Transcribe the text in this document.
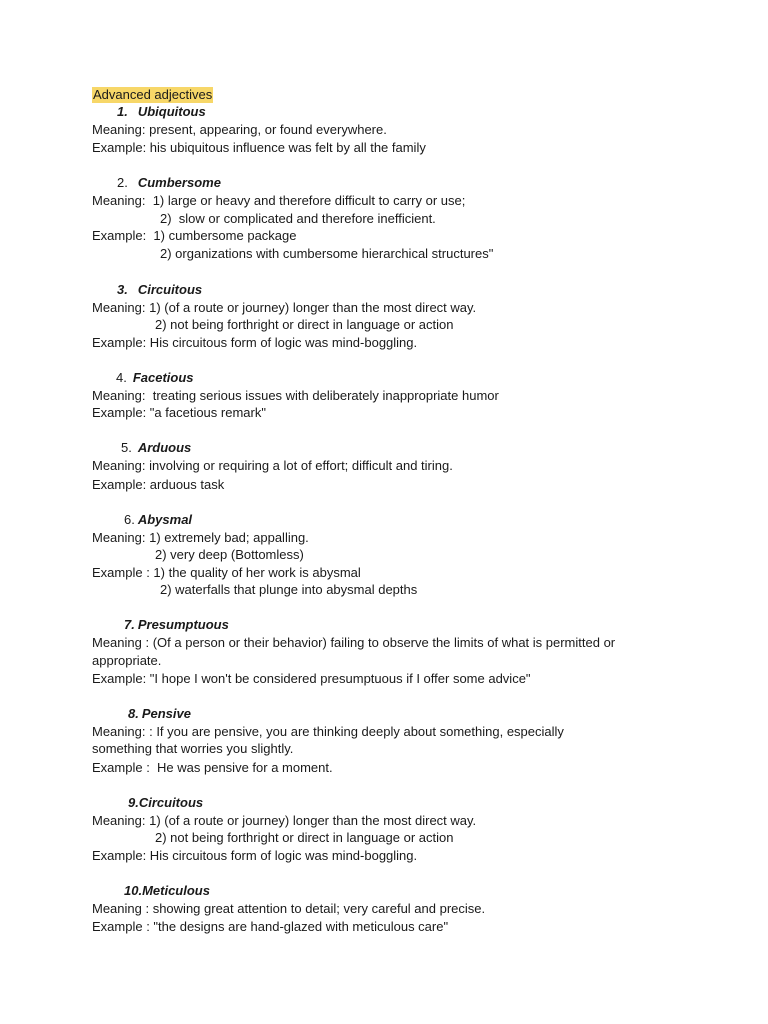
Advanced adjectives
1. Ubiquitous
Meaning: present, appearing, or found everywhere.
Example: his ubiquitous influence was felt by all the family
2. Cumbersome
Meaning:  1) large or heavy and therefore difficult to carry or use;
2)  slow or complicated and therefore inefficient.
Example:  1) cumbersome package
2) organizations with cumbersome hierarchical structures"
3. Circuitous
Meaning: 1) (of a route or journey) longer than the most direct way.
2) not being forthright or direct in language or action
Example: His circuitous form of logic was mind-boggling.
4. Facetious
Meaning:  treating serious issues with deliberately inappropriate humor
Example: "a facetious remark"
5. Arduous
Meaning: involving or requiring a lot of effort; difficult and tiring.
Example: arduous task
6. Abysmal
Meaning: 1) extremely bad; appalling.
2) very deep (Bottomless)
Example : 1) the quality of her work is abysmal
2) waterfalls that plunge into abysmal depths
7. Presumptuous
Meaning : (Of a person or their behavior) failing to observe the limits of what is permitted or
appropriate.
Example: "I hope I won't be considered presumptuous if I offer some advice"
8. Pensive
Meaning: : If you are pensive, you are thinking deeply about something, especially
something that worries you slightly.
Example :  He was pensive for a moment.
9.Circuitous
Meaning: 1) (of a route or journey) longer than the most direct way.
2) not being forthright or direct in language or action
Example: His circuitous form of logic was mind-boggling.
10.Meticulous
Meaning : showing great attention to detail; very careful and precise.
Example : "the designs are hand-glazed with meticulous care"
